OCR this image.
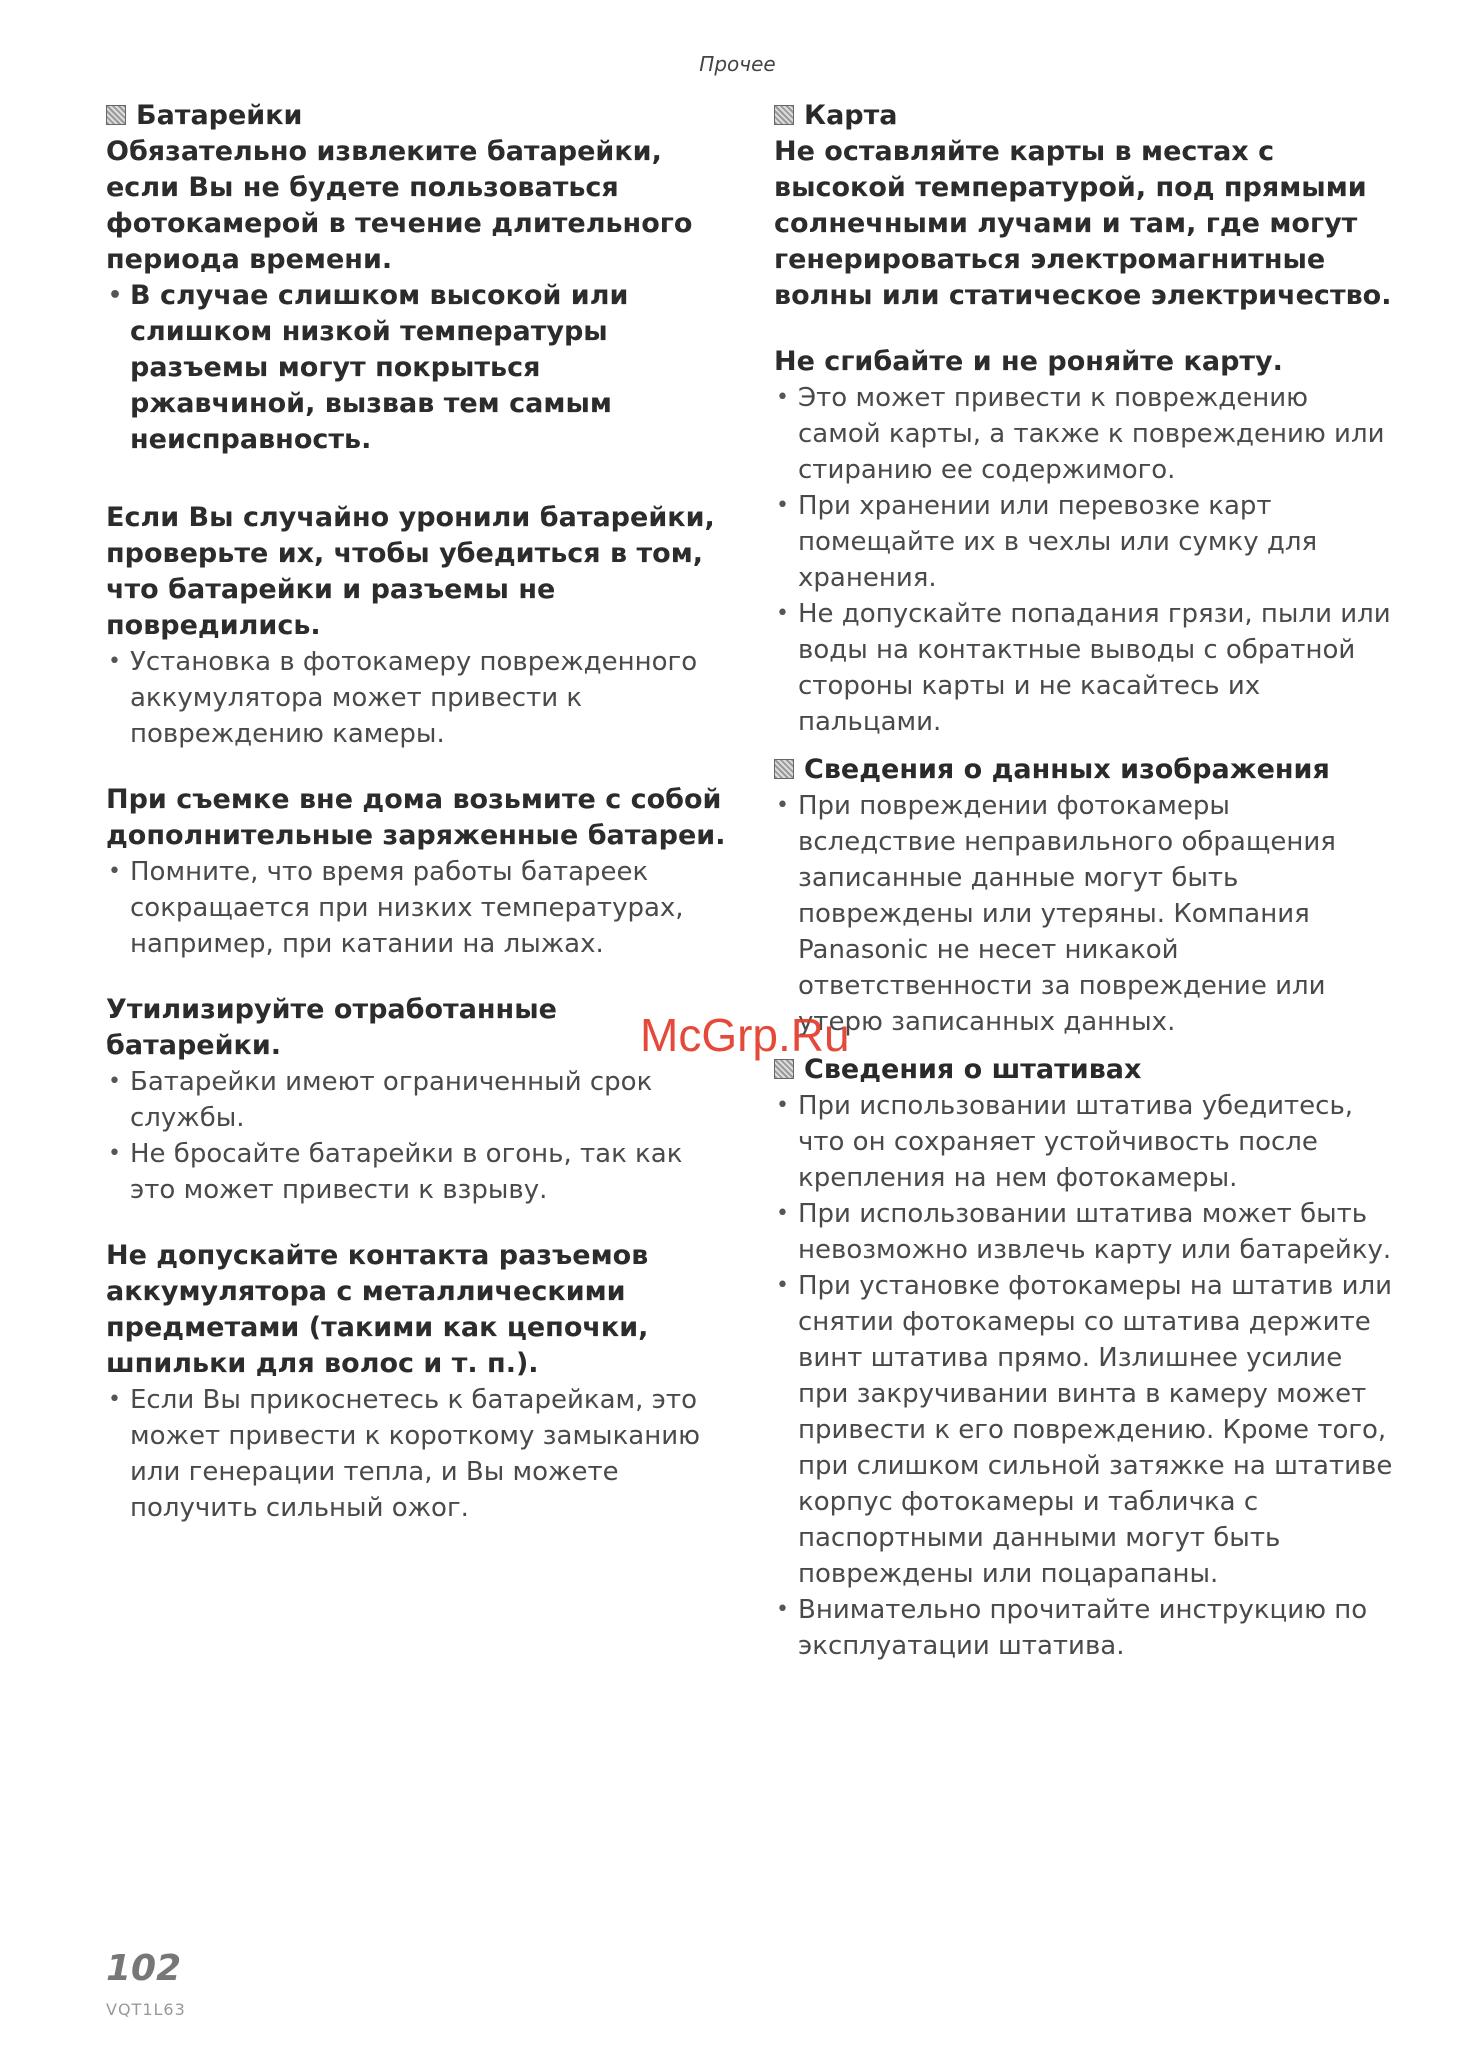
Прочее
Батарейки

Обязательно извлеките батарейки, если Вы не будете пользоваться фотокамерой в течение длительного периода времени.

• В случае слишком высокой или слишком низкой температуры разъемы могут покрыться ржавчиной, вызвав тем самым неисправность.

Если Вы случайно уронили батарейки, проверьте их, чтобы убедиться в том, что батарейки и разъемы не повредились.

• Установка в фотокамеру поврежденного аккумулятора может привести к повреждению камеры.

При съемке вне дома возьмите с собой дополнительные заряженные батареи.

• Помните, что время работы батареек сокращается при низких температурах, например, при катании на лыжах.

Утилизируйте отработанные батарейки.

• Батарейки имеют ограниченный срок службы.
• Не бросайте батарейки в огонь, так как это может привести к взрыву.

Не допускайте контакта разъемов аккумулятора с металлическими предметами (такими как цепочки, шпильки для волос и т. п.).

• Если Вы прикоснетесь к батарейкам, это может привести к короткому замыканию или генерации тепла, и Вы можете получить сильный ожог.
Карта

Не оставляйте карты в местах с высокой температурой, под прямыми солнечными лучами и там, где могут генерироваться электромагнитные волны или статическое электричество.

Не сгибайте и не роняйте карту.

• Это может привести к повреждению самой карты, а также к повреждению или стиранию ее содержимого.
• При хранении или перевозке карт помещайте их в чехлы или сумку для хранения.
• Не допускайте попадания грязи, пыли или воды на контактные выводы с обратной стороны карты и не касайтесь их пальцами.
Сведения о данных изображения
• При повреждении фотокамеры вследствие неправильного обращения записанные данные могут быть повреждены или утеряны. Компания Panasonic не несет никакой ответственности за повреждение или утерю записанных данных.
Сведения о штативах
• При использовании штатива убедитесь, что он сохраняет устойчивость после крепления на нем фотокамеры.
• При использовании штатива может быть невозможно извлечь карту или батарейку.
• При установке фотокамеры на штатив или снятии фотокамеры со штатива держите винт штатива прямо. Излишнее усилие при закручивании винта в камеру может привести к его повреждению. Кроме того, при слишком сильной затяжке на штативе корпус фотокамеры и табличка с паспортными данными могут быть повреждены или поцарапаны.
• Внимательно прочитайте инструкцию по эксплуатации штатива.
McGrp.Ru
102
VQT1L63
